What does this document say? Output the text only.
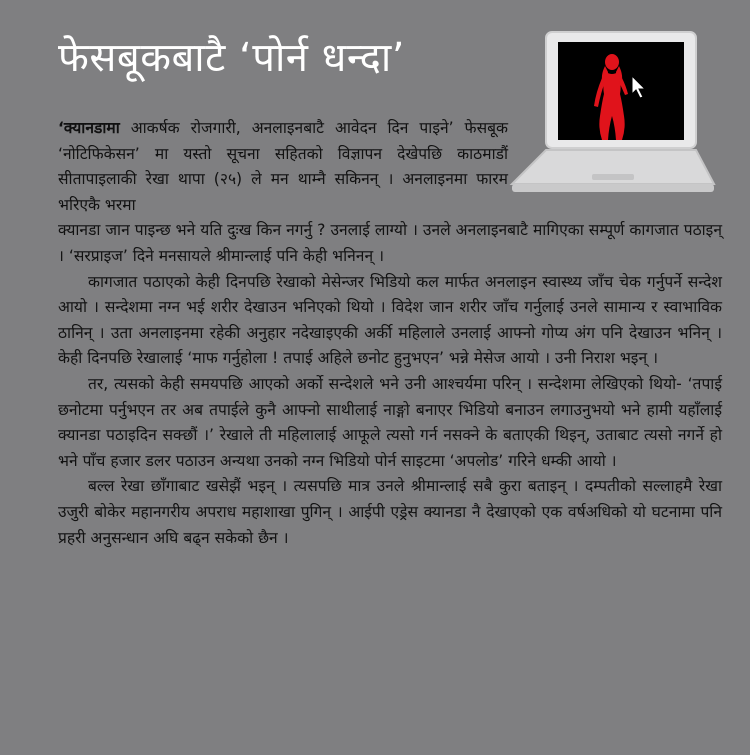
फेसबूकबाटै ‘पोर्न धन्दा’

‘क्यानडामा आकर्षक रोजगारी, अनलाइनबाटै आवेदन दिन पाइने’ फेसबूक ‘नोटिफिकेसन’ मा यस्तो सूचना सहितको विज्ञापन देखेपछि काठमाडौं सीतापाइलाकी रेखा थापा (२५) ले मन थाम्नै सकिनन् । अनलाइनमा फारम भरिएकै भरमा

क्यानडा जान पाइन्छ भने यति दुःख किन नगर्नु ? उनलाई लाग्यो । उनले अनलाइनबाटै मागिएका सम्पूर्ण कागजात पठाइन् । ‘सरप्राइज’ दिने मनसायले श्रीमान्लाई पनि केही भनिनन् ।

कागजात पठाएको केही दिनपछि रेखाको मेसेन्जर भिडियो कल मार्फत अनलाइन स्वास्थ्य जाँच चेक गर्नुपर्ने सन्देश आयो । सन्देशमा नग्न भई शरीर देखाउन भनिएको थियो । विदेश जान शरीर जाँच गर्नुलाई उनले सामान्य र स्वाभाविक ठानिन् । उता अनलाइनमा रहेकी अनुहार नदेखाइएकी अर्की महिलाले उनलाई आफ्नो गोप्य अंग पनि देखाउन भनिन् । केही दिनपछि रेखालाई ‘माफ गर्नुहोला ! तपाई अहिले छनोट हुनुभएन’ भन्ने मेसेज आयो । उनी निराश भइन् ।

तर, त्यसको केही समयपछि आएको अर्को सन्देशले भने उनी आश्चर्यमा परिन् । सन्देशमा लेखिएको थियो- ‘तपाई छनोटमा पर्नुभएन तर अब तपाईले कुनै आफ्नो साथीलाई नाङ्गो बनाएर भिडियो बनाउन लगाउनुभयो भने हामी यहाँलाई क्यानडा पठाइदिन सक्छौं ।’ रेखाले ती महिलालाई आफूले त्यसो गर्न नसक्ने के बताएकी थिइन्, उताबाट त्यसो नगर्ने हो भने पाँच हजार डलर पठाउन अन्यथा उनको नग्न भिडियो पोर्न साइटमा ‘अपलोड’ गरिने धम्की आयो ।

बल्ल रेखा छाँगाबाट खसेझैं भइन् । त्यसपछि मात्र उनले श्रीमान्लाई सबै कुरा बताइन् । दम्पतीको सल्लाहमै रेखा उजुरी बोकेर महानगरीय अपराध महाशाखा पुगिन् । आईपी एड्रेस क्यानडा नै देखाएको एक वर्षअधिको यो घटनामा पनि प्रहरी अनुसन्धान अघि बढ्न सकेको छैन ।
